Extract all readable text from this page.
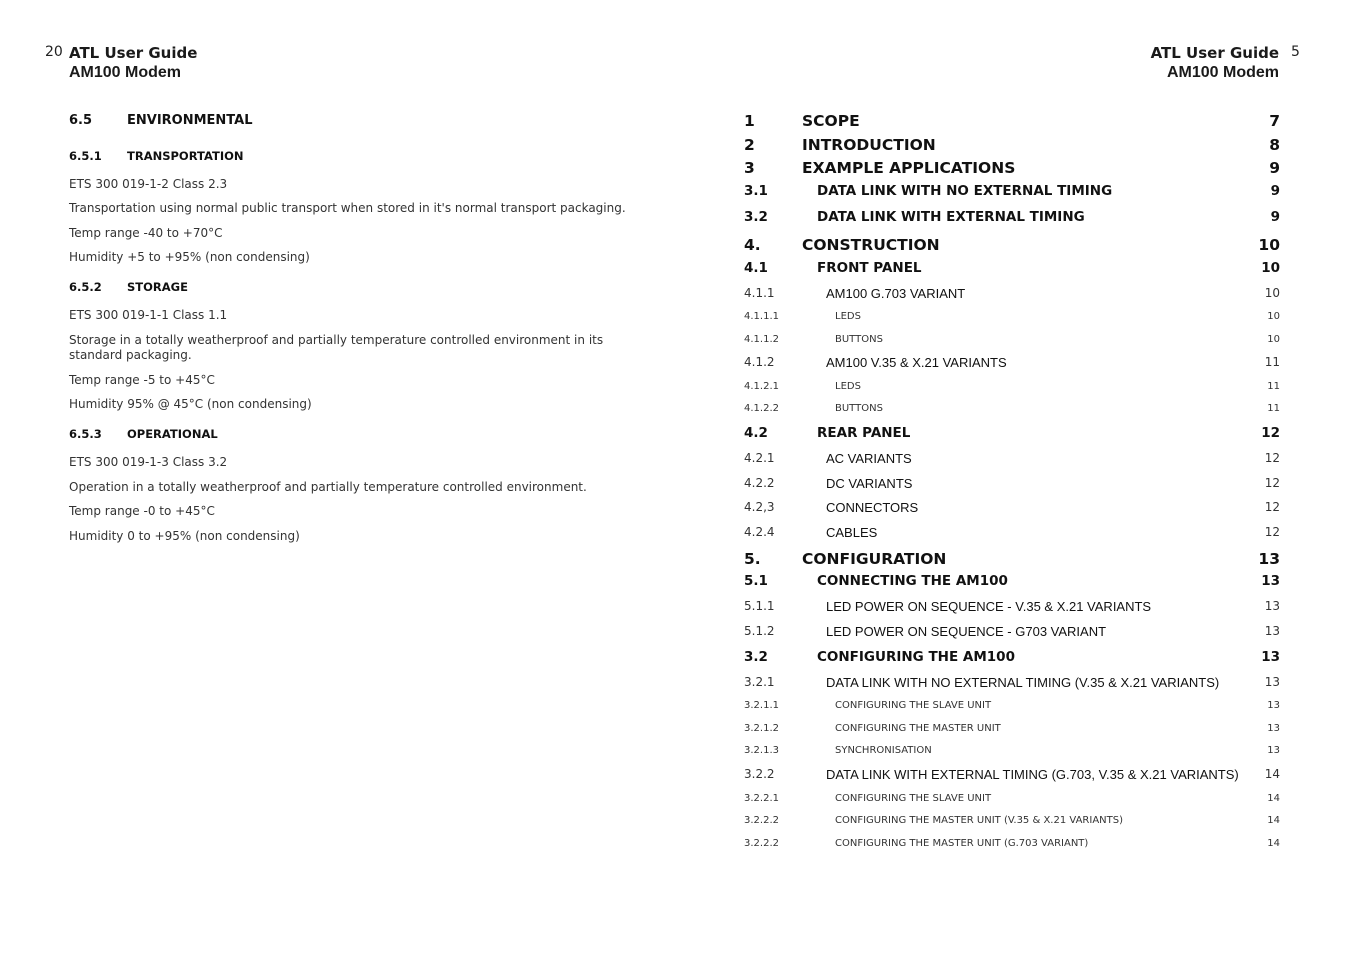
20 ATL User Guide
AM100 Modem
6.5	ENVIRONMENTAL
6.5.1 TRANSPORTATION
ETS 300 019-1-2 Class 2.3
Transportation using normal public transport when stored in it's normal transport packaging.
Temp range -40 to +70°C
Humidity +5 to +95% (non condensing)
6.5.2 STORAGE
ETS 300 019-1-1 Class 1.1
Storage in a totally weatherproof and partially temperature controlled environment in its standard packaging.
Temp range -5 to +45°C
Humidity 95% @ 45°C (non condensing)
6.5.3 OPERATIONAL
ETS 300 019-1-3 Class 3.2
Operation in a totally weatherproof and partially temperature controlled environment.
Temp range -0 to +45°C
Humidity 0 to +95% (non condensing)
ATL User Guide
AM100 Modem
5
1	SCOPE	7
2	INTRODUCTION	8
3	EXAMPLE APPLICATIONS	9
3.1	DATA LINK WITH NO EXTERNAL TIMING	9
3.2	DATA LINK WITH EXTERNAL TIMING	9
4.	CONSTRUCTION	10
4.1	FRONT PANEL	10
4.1.1	AM100 G.703 VARIANT	10
4.1.1.1	LEDS	10
4.1.1.2	BUTTONS	10
4.1.2	AM100 V.35 & X.21 VARIANTS	11
4.1.2.1	LEDS	11
4.1.2.2	BUTTONS	11
4.2	REAR PANEL	12
4.2.1	AC VARIANTS	12
4.2.2	DC VARIANTS	12
4.2,3	CONNECTORS	12
4.2.4	CABLES	12
5.	CONFIGURATION	13
5.1	CONNECTING THE AM100	13
5.1.1	LED POWER ON SEQUENCE - V.35 & X.21 VARIANTS	13
5.1.2	LED POWER ON SEQUENCE - G703 VARIANT	13
3.2	CONFIGURING THE AM100	13
3.2.1	DATA LINK WITH NO EXTERNAL TIMING (V.35 & X.21 VARIANTS)	13
3.2.1.1	CONFIGURING THE SLAVE UNIT	13
3.2.1.2	CONFIGURING THE MASTER UNIT	13
3.2.1.3	SYNCHRONISATION	13
3.2.2	DATA LINK WITH EXTERNAL TIMING (G.703, V.35 & X.21 VARIANTS) 14
3.2.2.1	CONFIGURING THE SLAVE UNIT	14
3.2.2.2	CONFIGURING THE MASTER UNIT (V.35 & X.21 VARIANTS)	14
3.2.2.2	CONFIGURING THE MASTER UNIT (G.703 VARIANT)	14
